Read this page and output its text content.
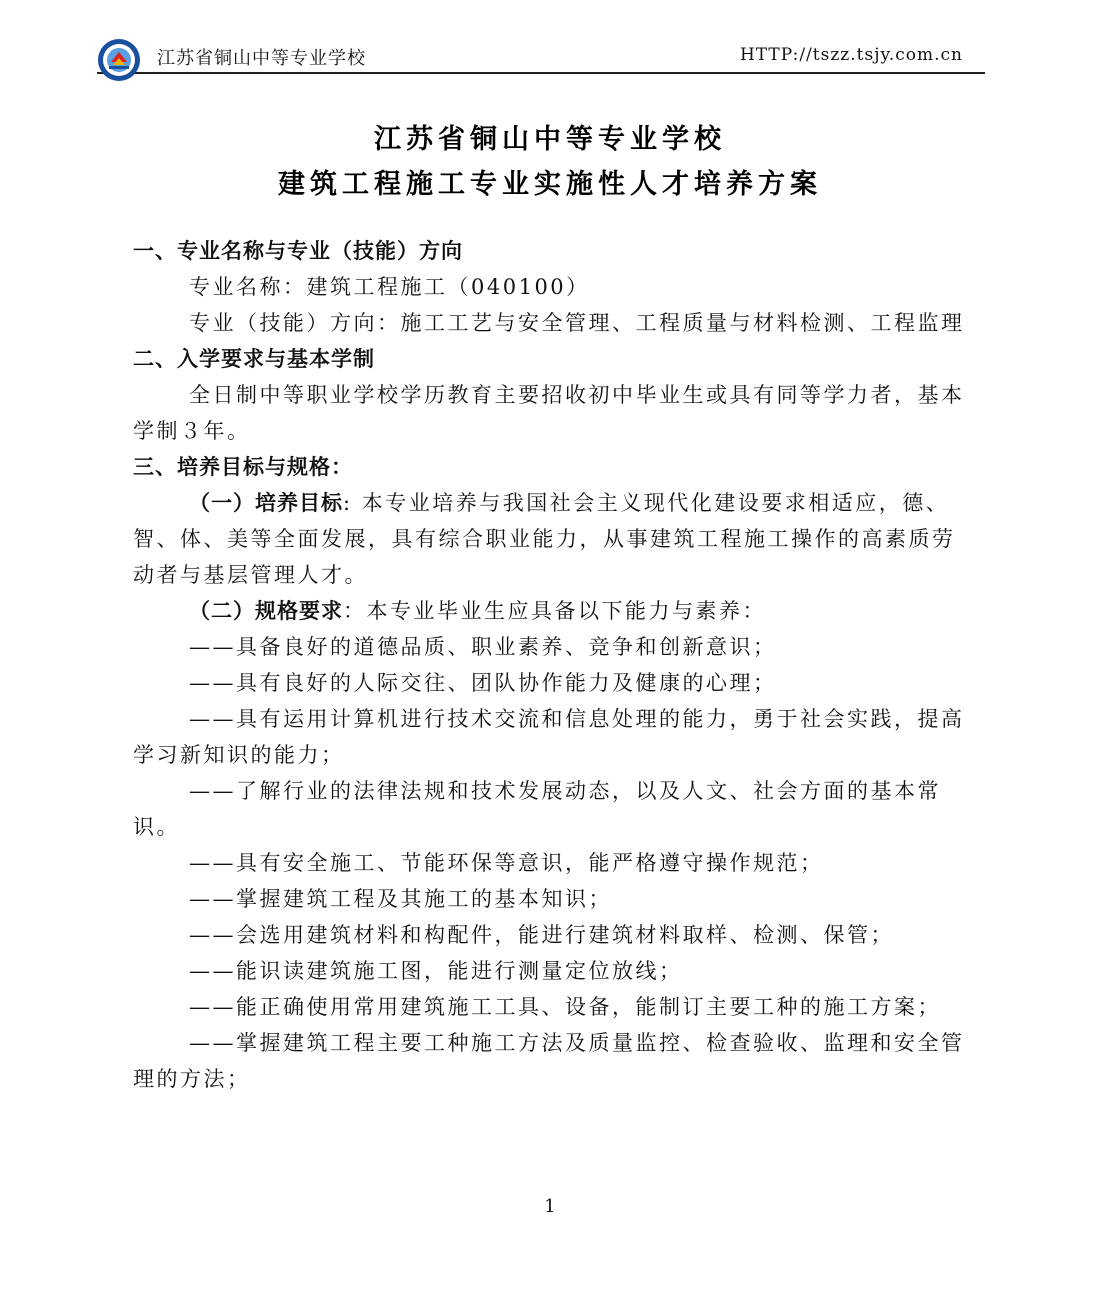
江苏省铜山中等专业学校	HTTP://tszz.tsjy.com.cn
江苏省铜山中等专业学校
建筑工程施工专业实施性人才培养方案

一、专业名称与专业（技能）方向

专业名称：建筑工程施工（040100）

专业（技能）方向：施工工艺与安全管理、工程质量与材料检测、工程监理

二、入学要求与基本学制

全日制中等职业学校学历教育主要招收初中毕业生或具有同等学力者，基本学制３年。

三、培养目标与规格：

（一）培养目标: 本专业培养与我国社会主义现代化建设要求相适应，德、智、体、美等全面发展，具有综合职业能力，从事建筑工程施工操作的高素质劳动者与基层管理人才。

（二）规格要求：本专业毕业生应具备以下能力与素养：

——具备良好的道德品质、职业素养、竞争和创新意识；

——具有良好的人际交往、团队协作能力及健康的心理；

——具有运用计算机进行技术交流和信息处理的能力，勇于社会实践，提高学习新知识的能力；

——了解行业的法律法规和技术发展动态，以及人文、社会方面的基本常识。

——具有安全施工、节能环保等意识，能严格遵守操作规范；

——掌握建筑工程及其施工的基本知识；

——会选用建筑材料和构配件，能进行建筑材料取样、检测、保管；

——能识读建筑施工图，能进行测量定位放线；

——能正确使用常用建筑施工工具、设备，能制订主要工种的施工方案；

——掌握建筑工程主要工种施工方法及质量监控、检查验收、监理和安全管理的方法；

1
